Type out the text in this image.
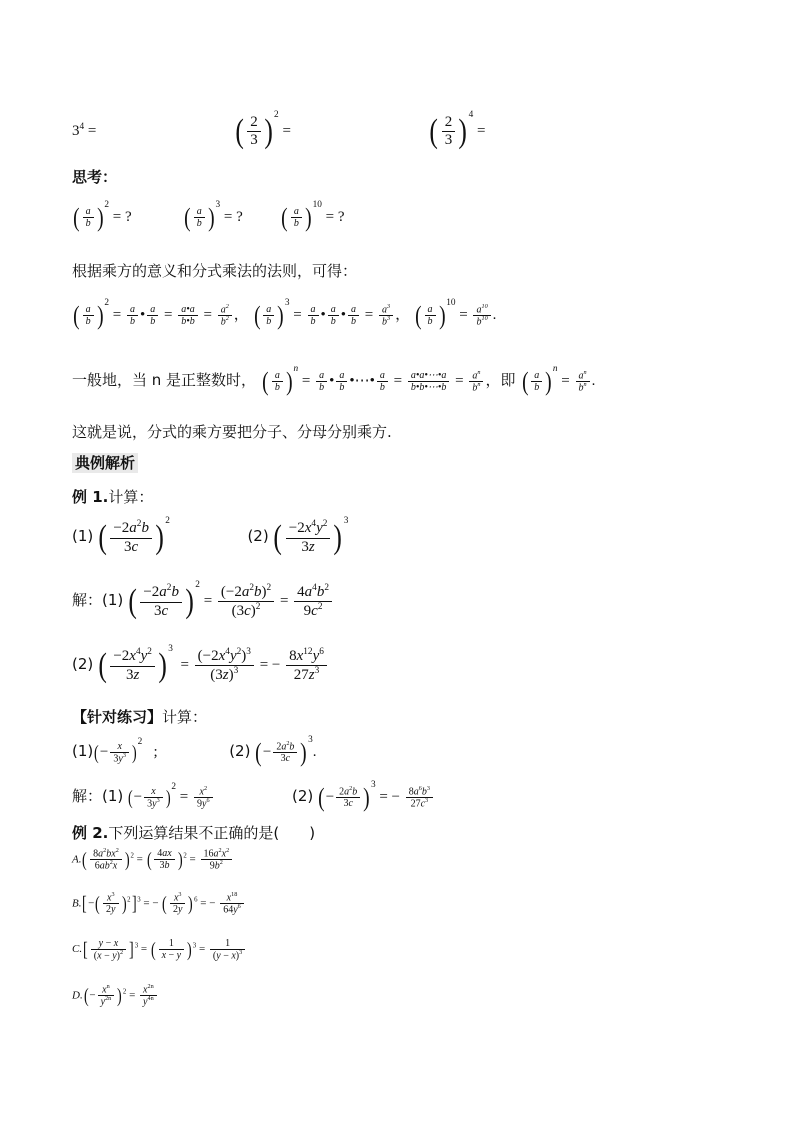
$3^4$ =	( $\frac{2}{3} )^2$ =	( $\frac{2}{3} )^4$ =
思考：
( $\frac{a}{b} )^2$ = ? ( $\frac{a}{b} )^3$ = ? ( $\frac{a}{b} )^{10}$ = ?
根据乘方的意义和分式乘法的法则，可得：
( $\frac{a}{b} )^2 = \frac{a}{b}$ • $\frac{a}{b} = \frac{a•a}{b•b} = \frac{a^2}{b^2}$ ， ( $\frac{a}{b} )^3 = \frac{a}{b}$ • $\frac{a}{b}$ • $\frac{a}{b} = \frac{a^3}{b^3}$ ， ( $\frac{a}{b} )^{10} = \frac{a^{10}}{b^{10}}$ .
一般地，当 n 是正整数时， ( $\frac{a}{b} )^n = \frac{a}{b}$ • $\frac{a}{b}$ •⋯• $\frac{a}{b} = \frac{a•a•\cdots•a}{b•b•\cdots•b} = \frac{a^n}{b^n}$ ，即 ( $\frac{a}{b} )^n = \frac{a^n}{b^n}$ .
这就是说，分式的乘方要把分子、分母分别乘方.
典例解析
例 1.计算：
(1) ( $\frac{-2a^2b}{3c} )^2$  (2) ( $\frac{-2x^4y^2}{3z} )^3$
解：(1) ( $\frac{-2a^2b}{3c} )^2 = \frac{(-2a^2b)^2}{(3c)^2} = \frac{4a^4b^2}{9c^2}$
(2) ( $\frac{-2x^4y^2}{3z} )^3 = \frac{(-2x^4y^2)^3}{(3z)^3}$ = − $\frac{8x^{12}y^6}{27z^3}$
【针对练习】计算：
$(1)(- \frac{x}{3y^3} )^2$   ;	(2) (− $\frac{2a^2b}{3c} )^3$.
解：(1) (− $\frac{x}{3y^3} )^2 = \frac{x^2}{9y^6}$	(2) (− $\frac{2a^2b}{3c} )^3$ = − $\frac{8a^6b^3}{27c^3}$
例 2.下列运算结果不正确的是(　　)
$A.( \frac{8a^2bx^2}{6ab^2x} )^2$ = ( $\frac{4ax}{3b} )^2 = \frac{16a^2x^2}{9b^2}$
$B.[-( \frac{x^3}{2y} )^2]^3$ = − ( $\frac{x^3}{2y} )^6$ = − $\frac{x^{18}}{64y^6}$
$C.[ \frac{y - x}{(x - y)^2} ]^3$ = ( $\frac{1}{x - y} )^3 = \frac{1}{(y - x)^3}$
$D.(- \frac{x^n}{y^{2n}} )^2 = \frac{x^{2n}}{y^{4n}}$
